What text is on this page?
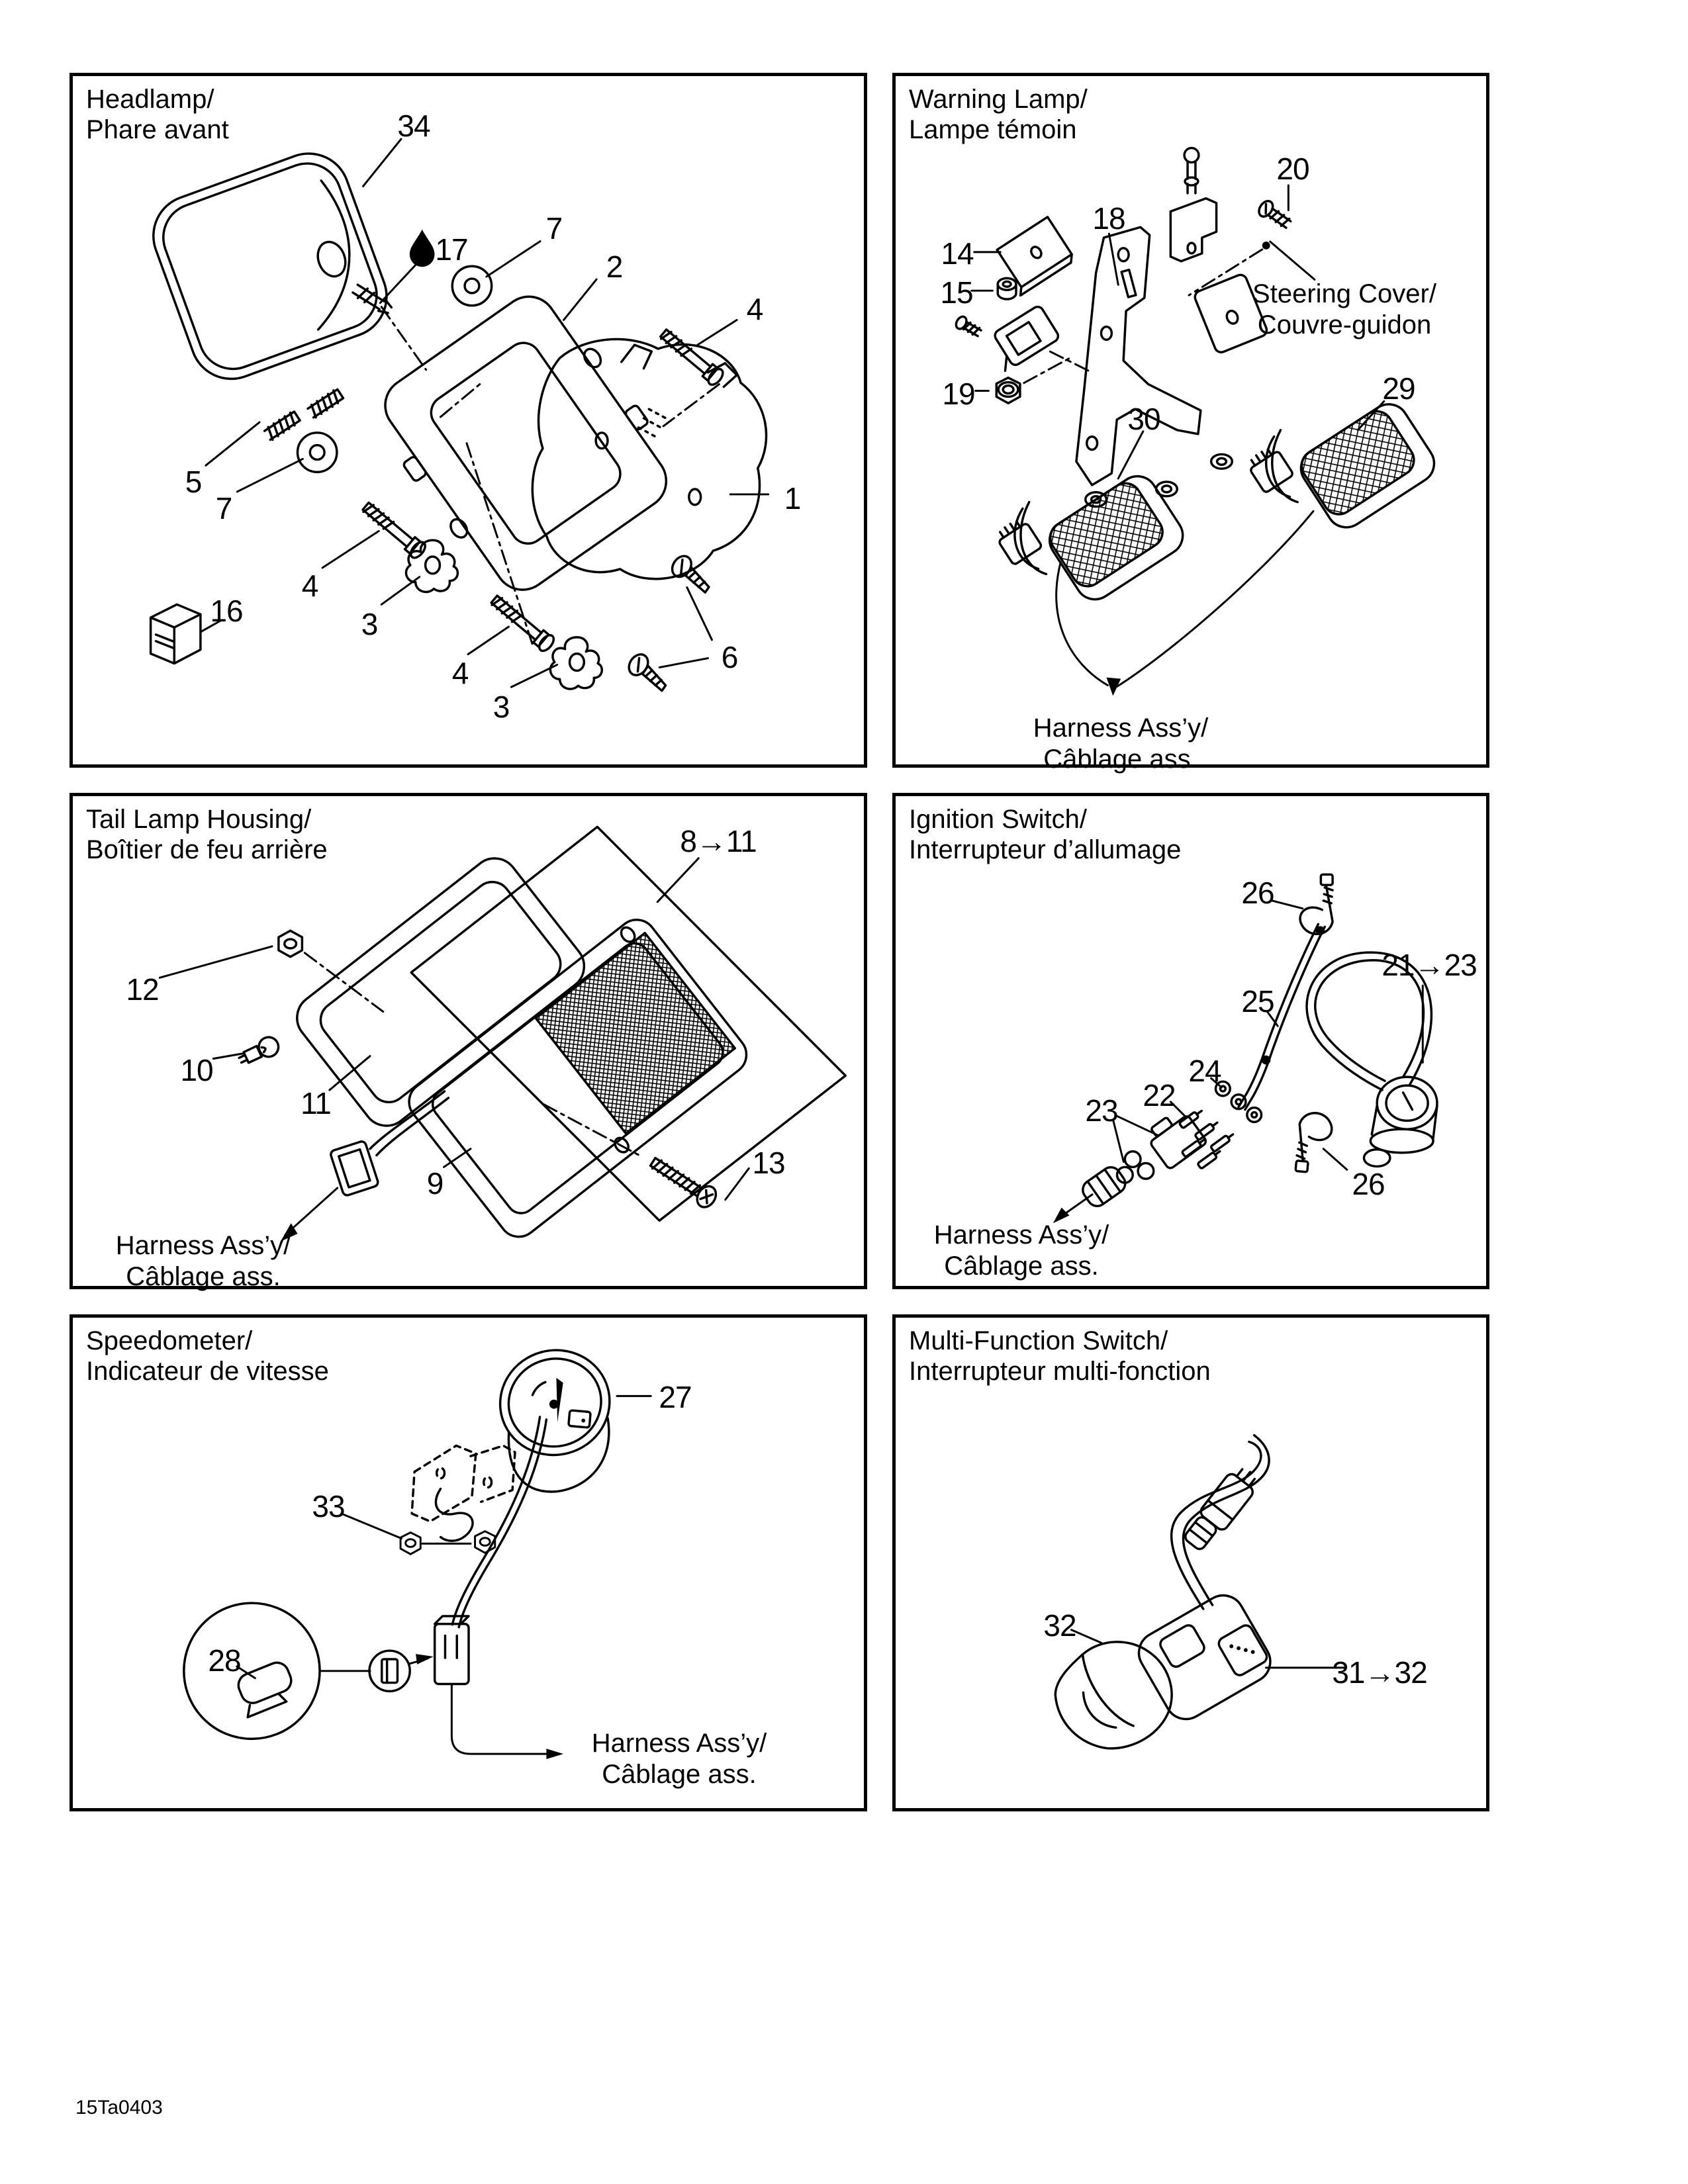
Headlamp/
Phare avant	34
7
17	2
4
5
7	1
4
3
16
4
3
6
Warning Lamp/
Lampe témoin
Steering Cover/
Couvre-guidon
Harness Ass’y/
Câblage ass.
20
18
14
15
19
30
29
Tail Lamp Housing/
Boîtier de feu arrière
Harness Ass’y/
Câblage ass.
8→11
12
10
11
9
13
Ignition Switch/
Interrupteur d’allumage
Harness Ass’y/
Câblage ass.
26
21→23
25
24
22
23
26
Speedometer/
Indicateur de vitesse
Harness Ass’y/
Câblage ass.
27
33
28
Multi-Function Switch/
Interrupteur multi-fonction
32
31→32
15Ta0403
